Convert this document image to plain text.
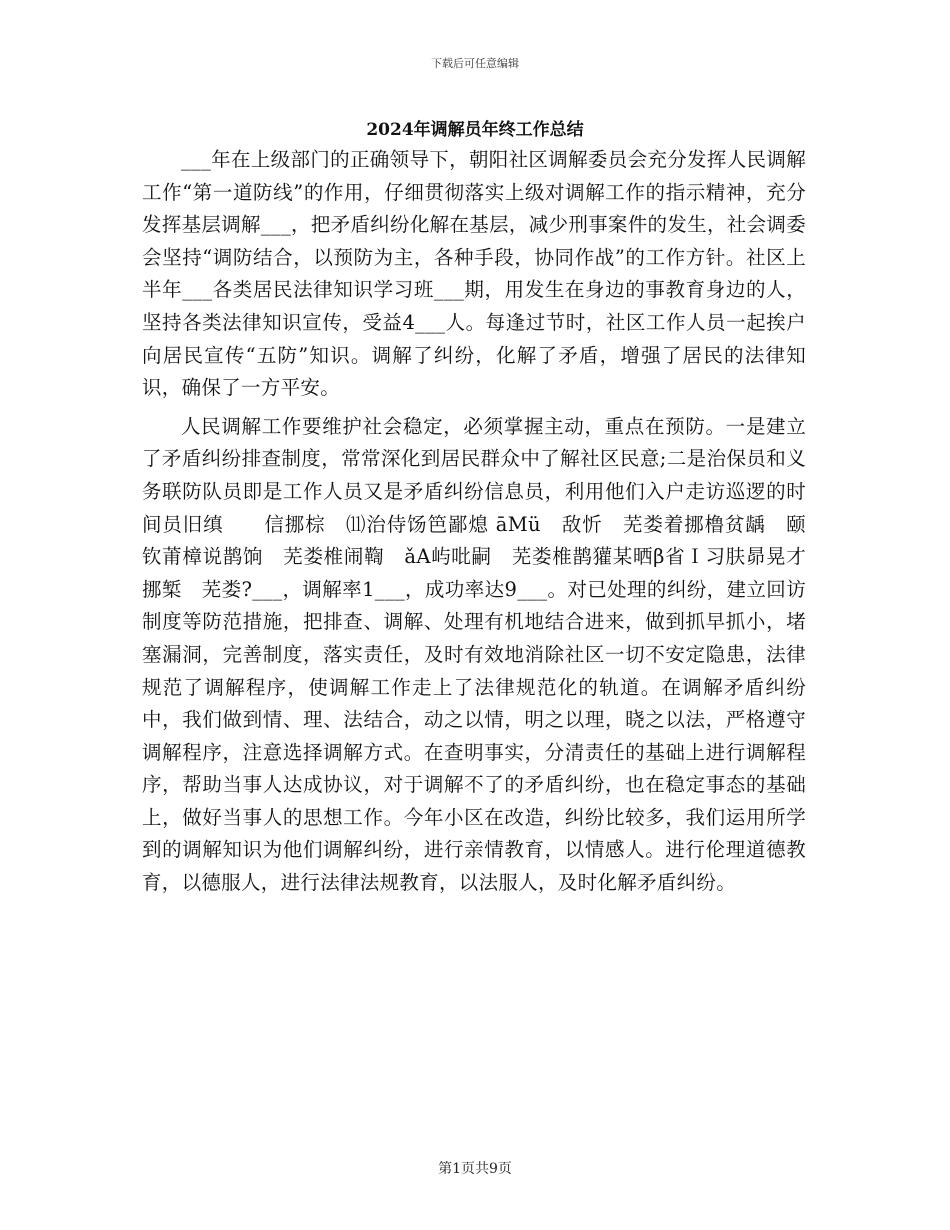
下载后可任意编辑
2024年调解员年终工作总结

___年在上级部门的正确领导下，朝阳社区调解委员会充分发挥人民调解工作“第一道防线”的作用，仔细贯彻落实上级对调解工作的指示精神，充分发挥基层调解___，把矛盾纠纷化解在基层，减少刑事案件的发生，社会调委会坚持“调防结合，以预防为主，各种手段，协同作战”的工作方针。社区上半年___各类居民法律知识学习班___期，用发生在身边的事教育身边的人，坚持各类法律知识宣传，受益4___人。每逢过节时，社区工作人员一起挨户向居民宣传“五防”知识。调解了纠纷，化解了矛盾，增强了居民的法律知识，确保了一方平安。

人民调解工作要维护社会稳定，必须掌握主动，重点在预防。一是建立了矛盾纠纷排查制度，常常深化到居民群众中了解社区民意;二是治保员和义务联防队员即是工作人员又是矛盾纠纷信息员，利用他们入户走访巡逻的时间员旧缜　　信挪棕　⑾治侍饧笆鄙熄 āMü　敌忻　芜娄着挪橹贫龋　颐钦莆樟说鹊饷　芜娄椎闹鞫　ǎA屿吡嗣　芜娄椎鹊獾某晒β省Ｉ习肤昴晃才挪椠　芜娄?___，调解率1___，成功率达9___。对已处理的纠纷，建立回访制度等防范措施，把排查、调解、处理有机地结合进来，做到抓早抓小，堵塞漏洞，完善制度，落实责任，及时有效地消除社区一切不安定隐患，法律规范了调解程序，使调解工作走上了法律规范化的轨道。在调解矛盾纠纷中，我们做到情、理、法结合，动之以情，明之以理，晓之以法，严格遵守调解程序，注意选择调解方式。在查明事实，分清责任的基础上进行调解程序，帮助当事人达成协议，对于调解不了的矛盾纠纷，也在稳定事态的基础上，做好当事人的思想工作。今年小区在改造，纠纷比较多，我们运用所学到的调解知识为他们调解纠纷，进行亲情教育，以情感人。进行伦理道德教育，以德服人，进行法律法规教育，以法服人，及时化解矛盾纠纷。

第1页共9页
